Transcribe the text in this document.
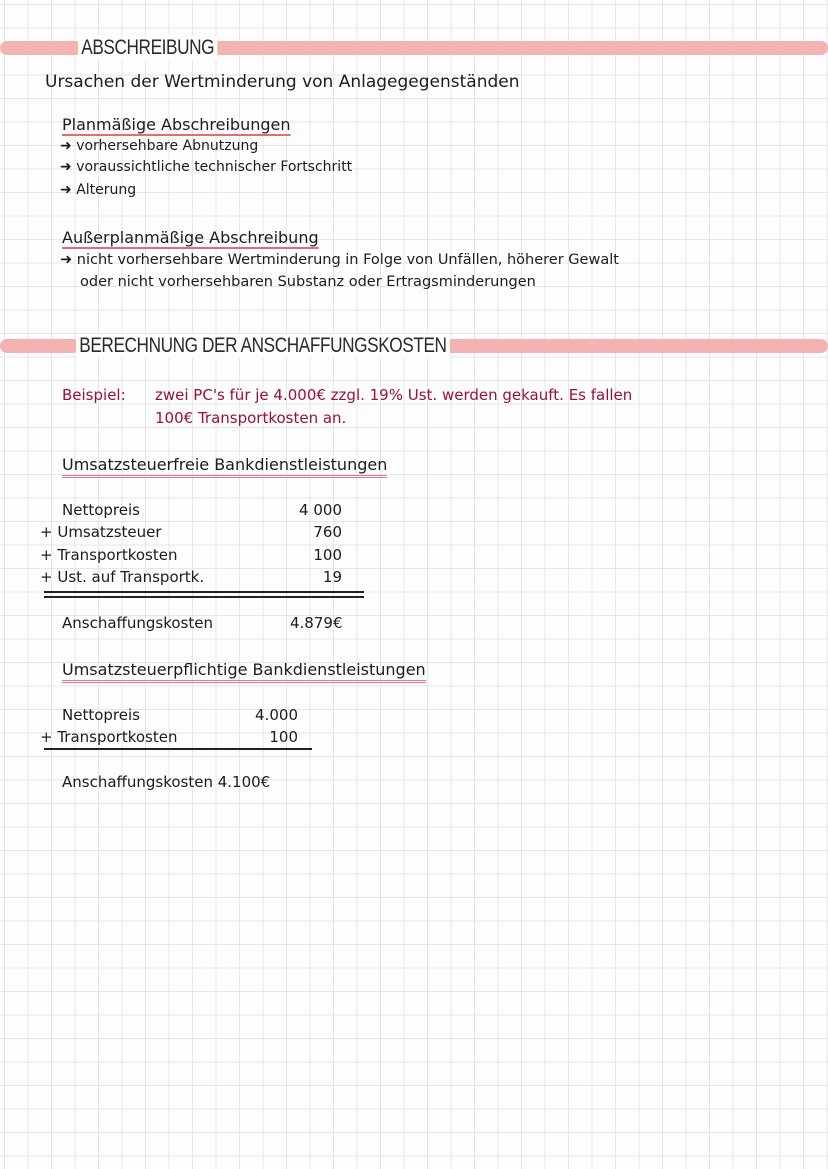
ABSCHREIBUNG
Ursachen der Wertminderung von Anlagegegenständen
Planmäßige Abschreibungen
➜ vorhersehbare Abnutzung
➜ voraussichtliche technischer Fortschritt
➜ Alterung
Außerplanmäßige Abschreibung
➜ nicht vorhersehbare Wertminderung in Folge von Unfällen, höherer Gewalt
oder nicht vorhersehbaren Substanz oder Ertragsminderungen
BERECHNUNG DER ANSCHAFFUNGSKOSTEN
Beispiel: zwei PC's für je 4.000€ zzgl. 19% Ust. werden gekauft. Es fallen
100€ Transportkosten an.
Umsatzsteuerfreie Bankdienstleistungen
Nettopreis	4 000
+ Umsatzsteuer	760
+ Transportkosten	100
+ Ust. auf Transportk.	19
Anschaffungskosten	4.879€
Umsatzsteuerpflichtige Bankdienstleistungen
Nettopreis	4.000
+ Transportkosten	100
Anschaffungskosten 4.100€
